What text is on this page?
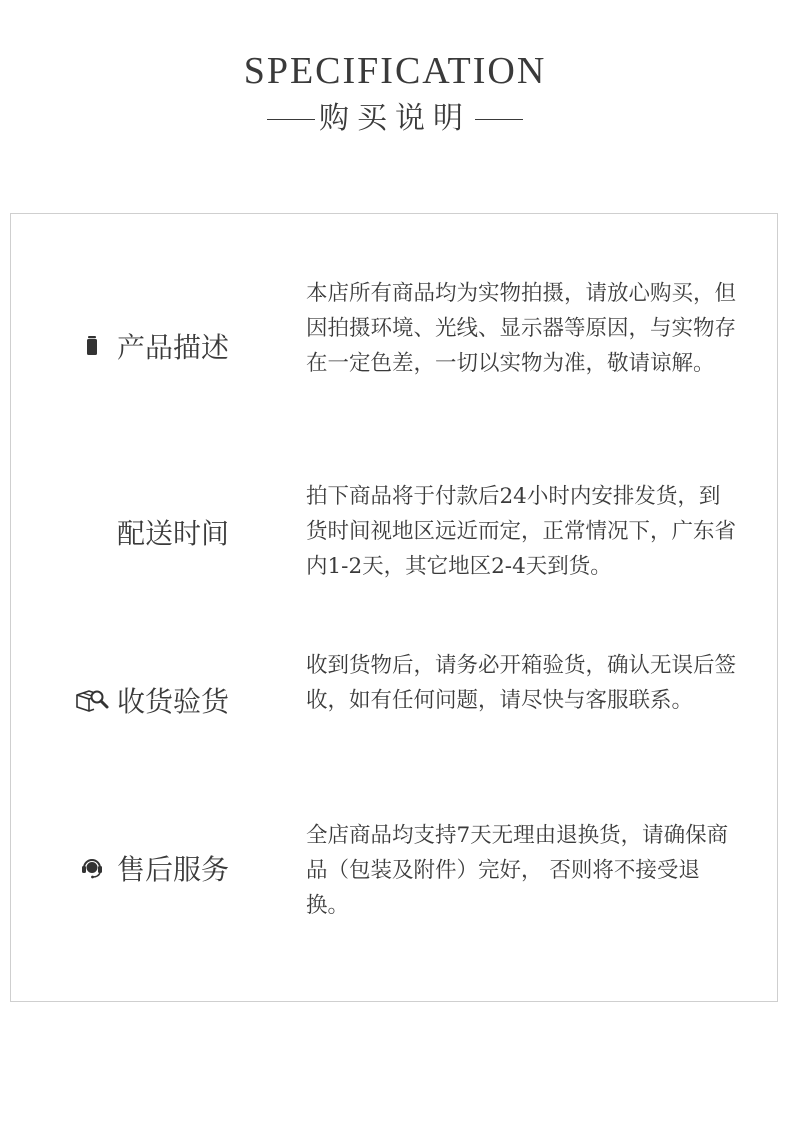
SPECIFICATION
购买说明
产品描述

本店所有商品均为实物拍摄，请放心购买，但因拍摄环境、光线、显示器等原因，与实物存在一定色差，一切以实物为准，敬请谅解。

配送时间

拍下商品将于付款后24小时内安排发货，到货时间视地区远近而定，正常情况下，广东省内1-2天，其它地区2-4天到货。

收货验货

收到货物后，请务必开箱验货，确认无误后签收，如有任何问题，请尽快与客服联系。

售后服务

全店商品均支持7天无理由退换货，请确保商品（包装及附件）完好， 否则将不接受退换。
